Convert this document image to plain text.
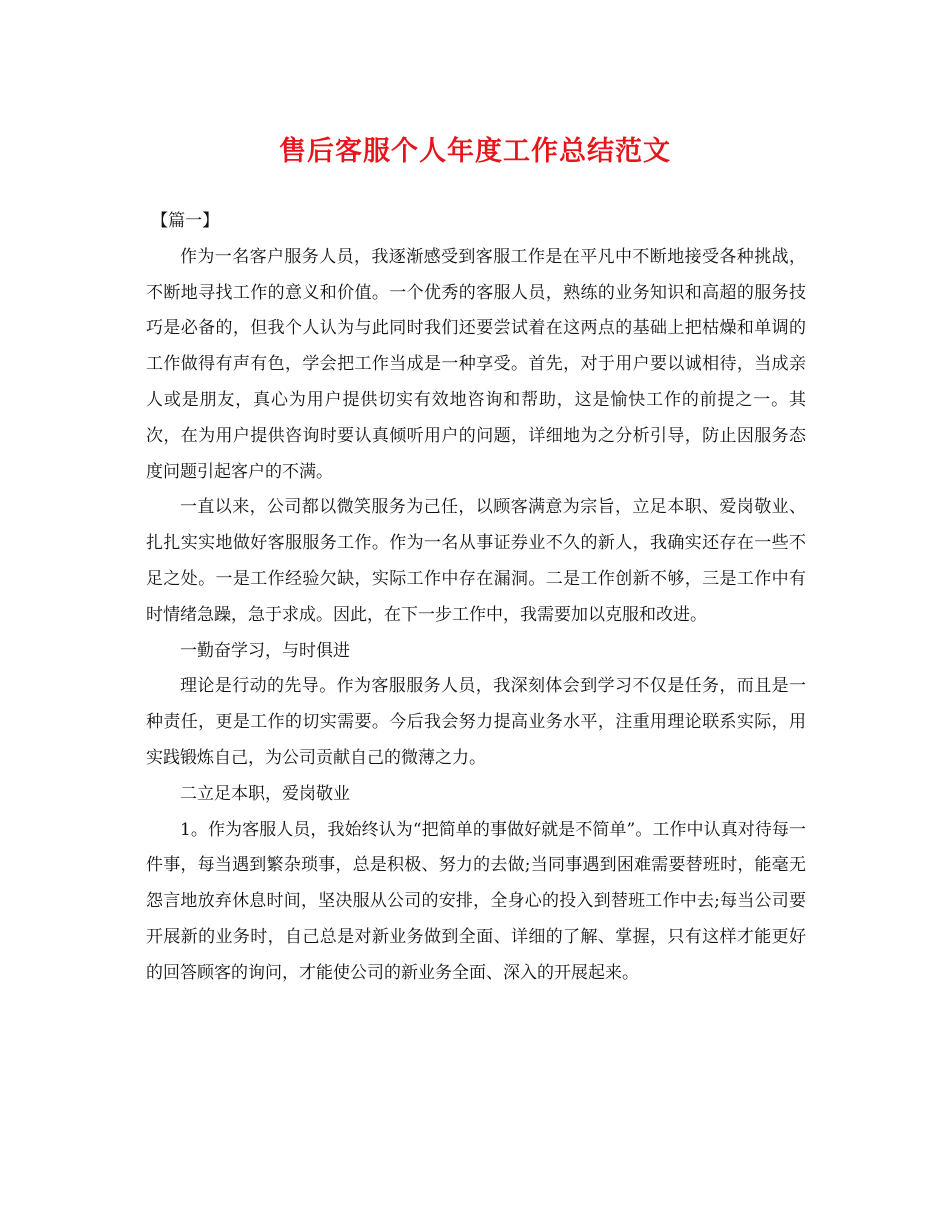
售后客服个人年度工作总结范文

【篇一】

作为一名客户服务人员，我逐渐感受到客服工作是在平凡中不断地接受各种挑战，不断地寻找工作的意义和价值。一个优秀的客服人员，熟练的业务知识和高超的服务技巧是必备的，但我个人认为与此同时我们还要尝试着在这两点的基础上把枯燥和单调的工作做得有声有色，学会把工作当成是一种享受。首先，对于用户要以诚相待，当成亲人或是朋友，真心为用户提供切实有效地咨询和帮助，这是愉快工作的前提之一。其次，在为用户提供咨询时要认真倾听用户的问题，详细地为之分析引导，防止因服务态度问题引起客户的不满。

一直以来，公司都以微笑服务为己任，以顾客满意为宗旨，立足本职、爱岗敬业、扎扎实实地做好客服服务工作。作为一名从事证券业不久的新人，我确实还存在一些不足之处。一是工作经验欠缺，实际工作中存在漏洞。二是工作创新不够，三是工作中有时情绪急躁，急于求成。因此，在下一步工作中，我需要加以克服和改进。

一勤奋学习，与时俱进

理论是行动的先导。作为客服服务人员，我深刻体会到学习不仅是任务，而且是一种责任，更是工作的切实需要。今后我会努力提高业务水平，注重用理论联系实际，用实践锻炼自己，为公司贡献自己的微薄之力。

二立足本职，爱岗敬业

1。作为客服人员，我始终认为“把简单的事做好就是不简单”。工作中认真对待每一件事，每当遇到繁杂琐事，总是积极、努力的去做;当同事遇到困难需要替班时，能毫无怨言地放弃休息时间，坚决服从公司的安排，全身心的投入到替班工作中去;每当公司要开展新的业务时，自己总是对新业务做到全面、详细的了解、掌握，只有这样才能更好的回答顾客的询问，才能使公司的新业务全面、深入的开展起来。
